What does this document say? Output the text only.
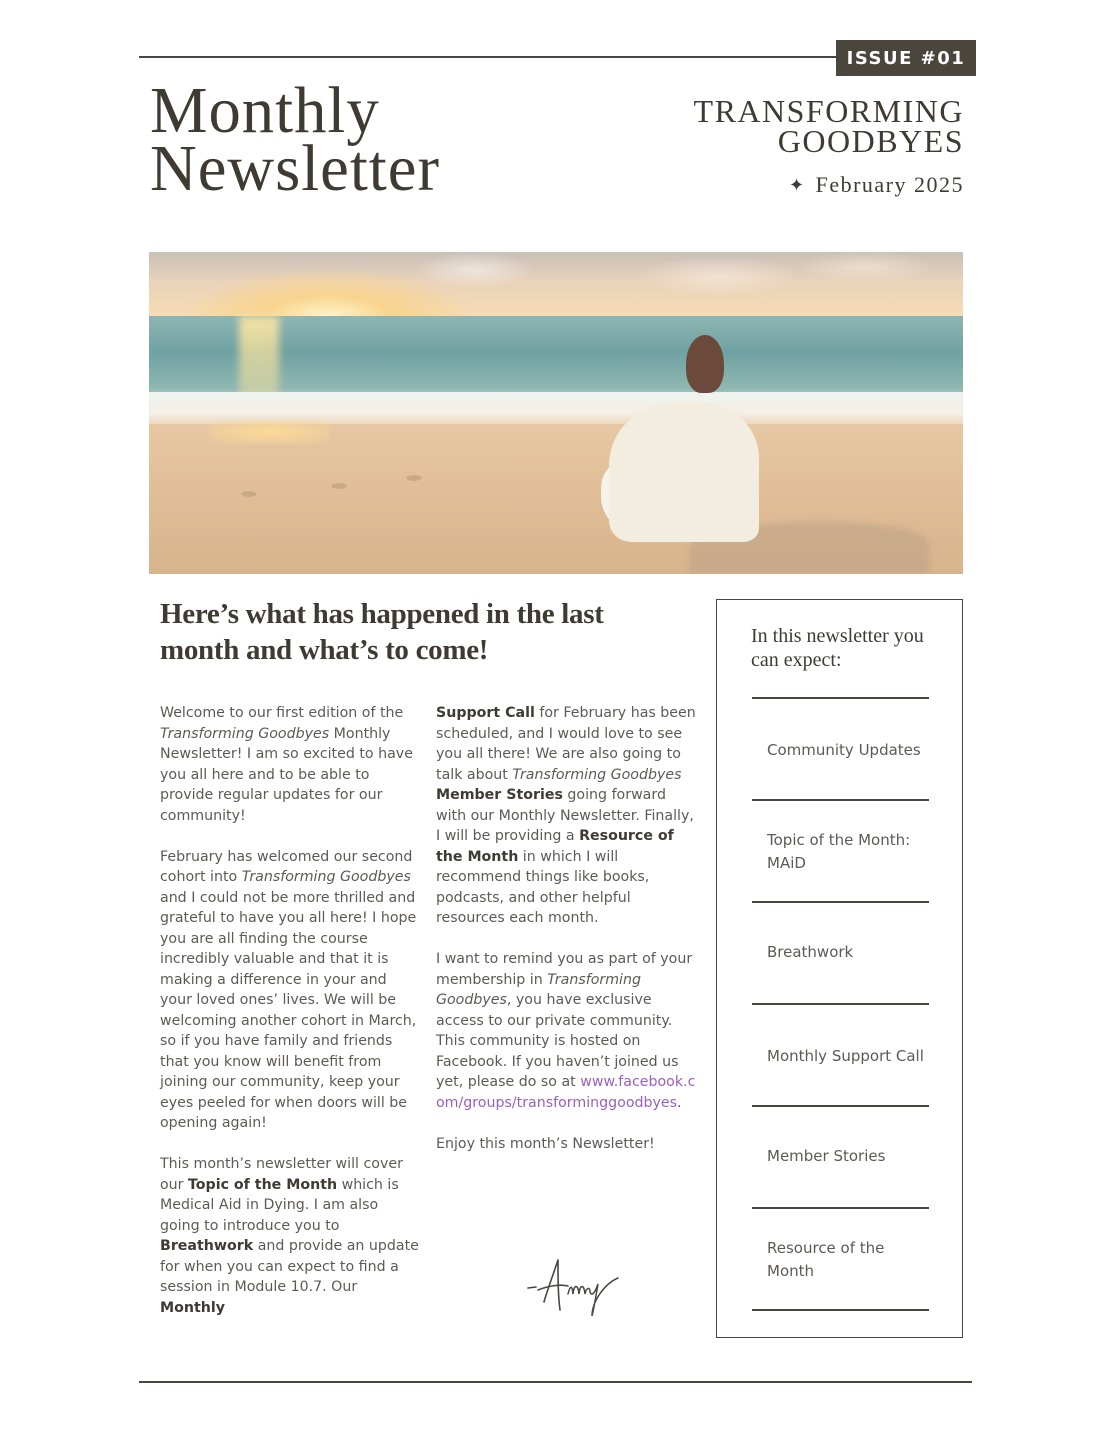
ISSUE #01
Monthly
Newsletter
TRANSFORMING
GOODBYES
✦ February 2025
Here’s what has happened in the last month and what’s to come!

Welcome to our first edition of the Transforming Goodbyes Monthly Newsletter! I am so excited to have you all here and to be able to provide regular updates for our community!

February has welcomed our second cohort into Transforming Goodbyes and I could not be more thrilled and grateful to have you all here! I hope you are all finding the course incredibly valuable and that it is making a difference in your and your loved ones’ lives. We will be welcoming another cohort in March, so if you have family and friends that you know will benefit from joining our community, keep your eyes peeled for when doors will be opening again!

This month’s newsletter will cover our Topic of the Month which is Medical Aid in Dying. I am also going to introduce you to Breathwork and provide an update for when you can expect to find a session in Module 10.7. Our Monthly

Support Call for February has been scheduled, and I would love to see you all there! We are also going to talk about Transforming Goodbyes Member Stories going forward with our Monthly Newsletter. Finally, I will be providing a Resource of the Month in which I will recommend things like books, podcasts, and other helpful resources each month.

I want to remind you as part of your membership in Transforming Goodbyes, you have exclusive access to our private community. This community is hosted on Facebook. If you haven’t joined us yet, please do so at www.facebook.com/groups/transforminggoodbyes.

Enjoy this month’s Newsletter!

In this newsletter you can expect:
Community Updates
Topic of the Month: MAiD
Breathwork
Monthly Support Call
Member Stories
Resource of the Month
